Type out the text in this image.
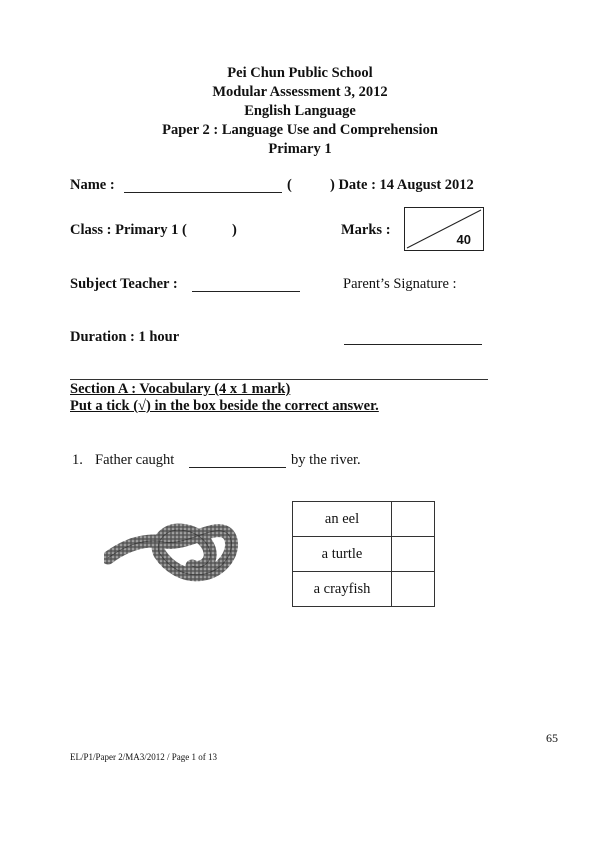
Pei Chun Public School
Modular Assessment 3, 2012
English Language
Paper 2 : Language Use and Comprehension
Primary 1
Name :	(	) Date : 14 August 2012
Class : Primary 1 (	)	Marks :
40
Subject Teacher :	Parent’s Signature :
Duration : 1 hour
Section A : Vocabulary (4 x 1 mark)
Put a tick (√) in the box beside the correct answer.
1. Father caught	by the river.
an eel	
a turtle	
a crayfish	
EL/P1/Paper 2/MA3/2012 / Page 1 of 13
65
